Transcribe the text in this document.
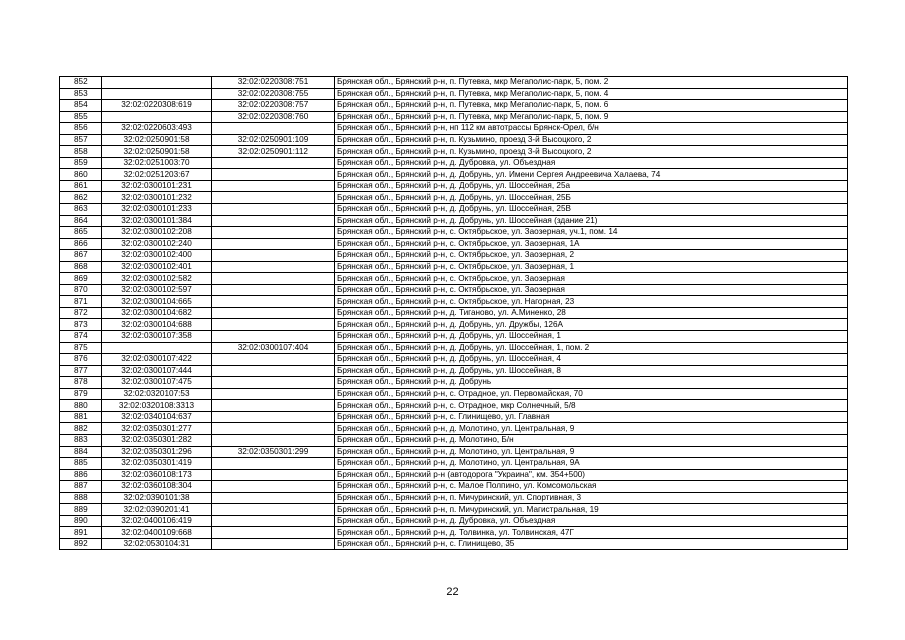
852		32:02:0220308:751	Брянская обл., Брянский р-н, п. Путевка, мкр Мегаполис-парк, 5, пом. 2
853		32:02:0220308:755	Брянская обл., Брянский р-н, п. Путевка, мкр Мегаполис-парк, 5, пом. 4
854	32:02:0220308:619	32:02:0220308:757	Брянская обл., Брянский р-н, п. Путевка, мкр Мегаполис-парк, 5, пом. 6
855		32:02:0220308:760	Брянская обл., Брянский р-н, п. Путевка, мкр Мегаполис-парк, 5, пом. 9
856	32:02:0220603:493		Брянская обл., Брянский р-н, нп 112 км автотрассы Брянск-Орел, б/н
857	32:02:0250901:58	32:02:0250901:109	Брянская обл., Брянский р-н, п. Кузьмино, проезд 3-й Высоцкого, 2
858	32:02:0250901:58	32:02:0250901:112	Брянская обл., Брянский р-н, п. Кузьмино, проезд 3-й Высоцкого, 2
859	32:02:0251003:70		Брянская обл., Брянский р-н, д. Дубровка, ул. Объездная
860	32:02:0251203:67		Брянская обл., Брянский р-н, д. Добрунь, ул. Имени Сергея Андреевича Халаева, 74
861	32:02:0300101:231		Брянская обл., Брянский р-н, д. Добрунь, ул. Шоссейная, 25а
862	32:02:0300101:232		Брянская обл., Брянский р-н, д. Добрунь, ул. Шоссейная, 25Б
863	32:02:0300101:233		Брянская обл., Брянский р-н, д. Добрунь, ул. Шоссейная, 25В
864	32:02:0300101:384		Брянская обл., Брянский р-н, д. Добрунь, ул. Шоссейная (здание 21)
865	32:02:0300102:208		Брянская обл., Брянский р-н, с. Октябрьское, ул. Заозерная, уч.1, пом. 14
866	32:02:0300102:240		Брянская обл., Брянский р-н, с. Октябрьское, ул. Заозерная, 1А
867	32:02:0300102:400		Брянская обл., Брянский р-н, с. Октябрьское, ул. Заозерная, 2
868	32:02:0300102:401		Брянская обл., Брянский р-н, с. Октябрьское, ул. Заозерная, 1
869	32:02:0300102:582		Брянская обл., Брянский р-н, с. Октябрьское, ул. Заозерная
870	32:02:0300102:597		Брянская обл., Брянский р-н, с. Октябрьское, ул. Заозерная
871	32:02:0300104:665		Брянская обл., Брянский р-н, с. Октябрьское, ул. Нагорная, 23
872	32:02:0300104:682		Брянская обл., Брянский р-н, д. Тиганово, ул. А.Миненко, 28
873	32:02:0300104:688		Брянская обл., Брянский р-н, д. Добрунь, ул. Дружбы, 126А
874	32:02:0300107:358		Брянская обл., Брянский р-н, д. Добрунь, ул. Шоссейная, 1
875		32:02:0300107:404	Брянская обл., Брянский р-н, д. Добрунь, ул. Шоссейная, 1, пом. 2
876	32:02:0300107:422		Брянская обл., Брянский р-н, д. Добрунь, ул. Шоссейная, 4
877	32:02:0300107:444		Брянская обл., Брянский р-н, д. Добрунь, ул. Шоссейная, 8
878	32:02:0300107:475		Брянская обл., Брянский р-н, д. Добрунь
879	32:02:0320107:53		Брянская обл., Брянский р-н, с. Отрадное, ул. Первомайская, 70
880	32:02:0320108:3313		Брянская обл., Брянский р-н, с. Отрадное, мкр Солнечный, 5/8
881	32:02:0340104:637		Брянская обл., Брянский р-н, с. Глинищево, ул. Главная
882	32:02:0350301:277		Брянская обл., Брянский р-н, д. Молотино, ул. Центральная, 9
883	32:02:0350301:282		Брянская обл., Брянский р-н, д. Молотино, Б/н
884	32:02:0350301:296	32:02:0350301:299	Брянская обл., Брянский р-н, д. Молотино, ул. Центральная, 9
885	32:02:0350301:419		Брянская обл., Брянский р-н, д. Молотино, ул. Центральная, 9А
886	32:02:0360108:173		Брянская обл., Брянский р-н (автодорога "Украина", км. 354+500)
887	32:02:0360108:304		Брянская обл., Брянский р-н, с. Малое Полпино, ул. Комсомольская
888	32:02:0390101:38		Брянская обл., Брянский р-н, п. Мичуринский, ул. Спортивная, 3
889	32:02:0390201:41		Брянская обл., Брянский р-н, п. Мичуринский, ул. Магистральная, 19
890	32:02:0400106:419		Брянская обл., Брянский р-н, д. Дубровка, ул. Объездная
891	32:02:0400109:668		Брянская обл., Брянский р-н, д. Толвинка, ул. Толвинская, 47Г
892	32:02:0530104:31		Брянская обл., Брянский р-н, с. Глинищево, 35
22
